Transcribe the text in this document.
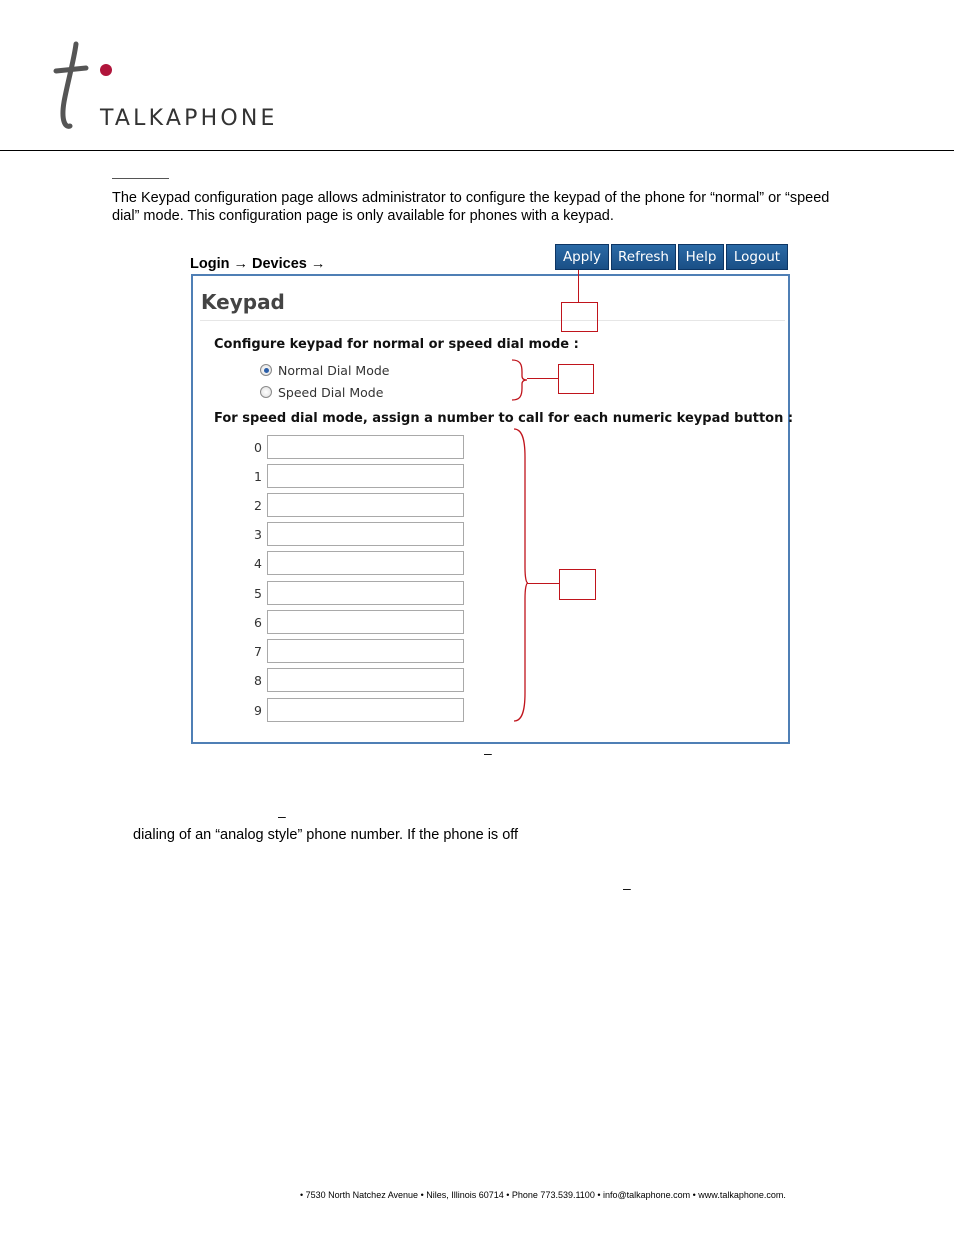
TALKAPHONE
The Keypad configuration page allows administrator to configure the keypad of the phone for “normal” or “speed dial” mode. This configuration page is only available for phones with a keypad.
Login → Devices →	Apply	Refresh	Help	Logout
Keypad
Configure keypad for normal or speed dial mode :
Normal Dial Mode
Speed Dial Mode
For speed dial mode, assign a number to call for each numeric keypad button :
0
1
2
3
4
5
6
7
8
9
–
–
–
dialing of an “analog style” phone number. If the phone is off
• 7530 North Natchez Avenue • Niles, Illinois 60714 • Phone 773.539.1100 • info@talkaphone.com • www.talkaphone.com.
